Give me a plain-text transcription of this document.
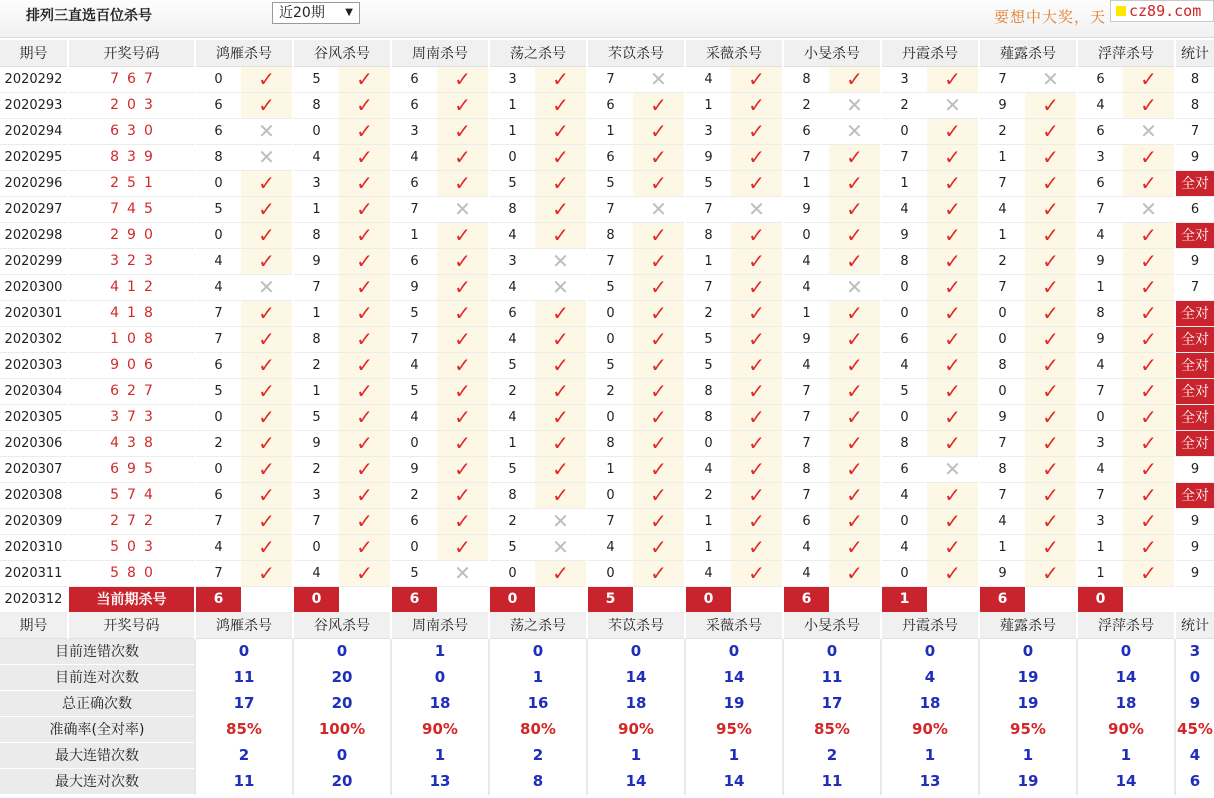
排列三直选百位杀号	近20期 ▼	要想中大奖，天	cz89.com
期号	开奖号码	鸿雁杀号		谷风杀号		周南杀号		荡之杀号		芣苡杀号		采薇杀号		小旻杀号		丹霞杀号		薤露杀号		浮萍杀号		统计
2020292	767	0	✓	5	✓	6	✓	3	✓	7	✕	4	✓	8	✓	3	✓	7	✕	6	✓	8
2020293	203	6	✓	8	✓	6	✓	1	✓	6	✓	1	✓	2	✕	2	✕	9	✓	4	✓	8
2020294	630	6	✕	0	✓	3	✓	1	✓	1	✓	3	✓	6	✕	0	✓	2	✓	6	✕	7
2020295	839	8	✕	4	✓	4	✓	0	✓	6	✓	9	✓	7	✓	7	✓	1	✓	3	✓	9
2020296	251	0	✓	3	✓	6	✓	5	✓	5	✓	5	✓	1	✓	1	✓	7	✓	6	✓	全对
2020297	745	5	✓	1	✓	7	✕	8	✓	7	✕	7	✕	9	✓	4	✓	4	✓	7	✕	6
2020298	290	0	✓	8	✓	1	✓	4	✓	8	✓	8	✓	0	✓	9	✓	1	✓	4	✓	全对
2020299	323	4	✓	9	✓	6	✓	3	✕	7	✓	1	✓	4	✓	8	✓	2	✓	9	✓	9
2020300	412	4	✕	7	✓	9	✓	4	✕	5	✓	7	✓	4	✕	0	✓	7	✓	1	✓	7
2020301	418	7	✓	1	✓	5	✓	6	✓	0	✓	2	✓	1	✓	0	✓	0	✓	8	✓	全对
2020302	108	7	✓	8	✓	7	✓	4	✓	0	✓	5	✓	9	✓	6	✓	0	✓	9	✓	全对
2020303	906	6	✓	2	✓	4	✓	5	✓	5	✓	5	✓	4	✓	4	✓	8	✓	4	✓	全对
2020304	627	5	✓	1	✓	5	✓	2	✓	2	✓	8	✓	7	✓	5	✓	0	✓	7	✓	全对
2020305	373	0	✓	5	✓	4	✓	4	✓	0	✓	8	✓	7	✓	0	✓	9	✓	0	✓	全对
2020306	438	2	✓	9	✓	0	✓	1	✓	8	✓	0	✓	7	✓	8	✓	7	✓	3	✓	全对
2020307	695	0	✓	2	✓	9	✓	5	✓	1	✓	4	✓	8	✓	6	✕	8	✓	4	✓	9
2020308	574	6	✓	3	✓	2	✓	8	✓	0	✓	2	✓	7	✓	4	✓	7	✓	7	✓	全对
2020309	272	7	✓	7	✓	6	✓	2	✕	7	✓	1	✓	6	✓	0	✓	4	✓	3	✓	9
2020310	503	4	✓	0	✓	0	✓	5	✕	4	✓	1	✓	4	✓	4	✓	1	✓	1	✓	9
2020311	580	7	✓	4	✓	5	✕	0	✓	0	✓	4	✓	4	✓	0	✓	9	✓	1	✓	9
2020312	当前期杀号	6		0		6		0		5		0		6		1		6		0		
期号	开奖号码	鸿雁杀号		谷风杀号		周南杀号		荡之杀号		芣苡杀号		采薇杀号		小旻杀号		丹霞杀号		薤露杀号		浮萍杀号		统计
目前连错次数		0		0		1		0		0		0		0		0		0		0		3
目前连对次数		11		20		0		1		14		14		11		4		19		14		0
总正确次数		17		20		18		16		18		19		17		18		19		18		9
准确率(全对率)		85%		100%		90%		80%		90%		95%		85%		90%		95%		90%		45%
最大连错次数		2		0		1		2		1		1		2		1		1		1		4
最大连对次数		11		20		13		8		14		14		11		13		19		14		6
